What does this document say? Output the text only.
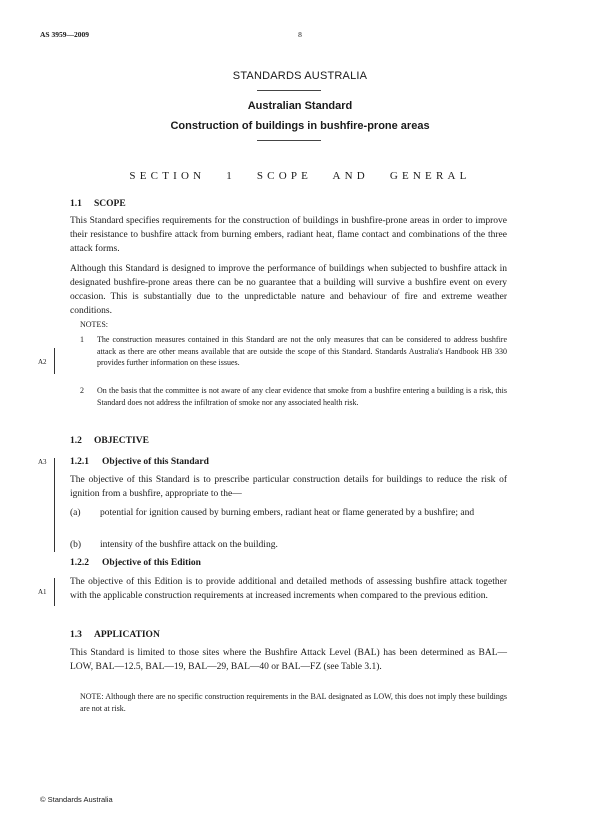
AS 3959—2009	8
STANDARDS AUSTRALIA
Australian Standard
Construction of buildings in bushfire-prone areas
SECTION 1 SCOPE AND GENERAL
1.1 SCOPE

This Standard specifies requirements for the construction of buildings in bushfire-prone areas in order to improve their resistance to bushfire attack from burning embers, radiant heat, flame contact and combinations of the three attack forms.

Although this Standard is designed to improve the performance of buildings when subjected to bushfire attack in designated bushfire-prone areas there can be no guarantee that a building will survive a bushfire event on every occasion. This is substantially due to the unpredictable nature and behaviour of fire and extreme weather conditions.

NOTES:
1 The construction measures contained in this Standard are not the only measures that can be considered to address bushfire attack as there are other means available that are outside the scope of this Standard. Standards Australia's Handbook HB 330 provides further information on these issues.
2 On the basis that the committee is not aware of any clear evidence that smoke from a bushfire entering a building is a risk, this Standard does not address the infiltration of smoke nor any associated health risk.
A2
1.2 OBJECTIVE
1.2.1 Objective of this Standard

The objective of this Standard is to prescribe particular construction details for buildings to reduce the risk of ignition from a bushfire, appropriate to the—

(a) potential for ignition caused by burning embers, radiant heat or flame generated by a bushfire; and
(b) intensity of the bushfire attack on the building.
A3
1.2.2 Objective of this Edition

The objective of this Edition is to provide additional and detailed methods of assessing bushfire attack together with the applicable construction requirements at increased increments when compared to the previous edition.

A1
1.3 APPLICATION

This Standard is limited to those sites where the Bushfire Attack Level (BAL) has been determined as BAL—LOW, BAL—12.5, BAL—19, BAL—29, BAL—40 or BAL—FZ (see Table 3.1).

NOTE: Although there are no specific construction requirements in the BAL designated as LOW, this does not imply these buildings are not at risk.
© Standards Australia
